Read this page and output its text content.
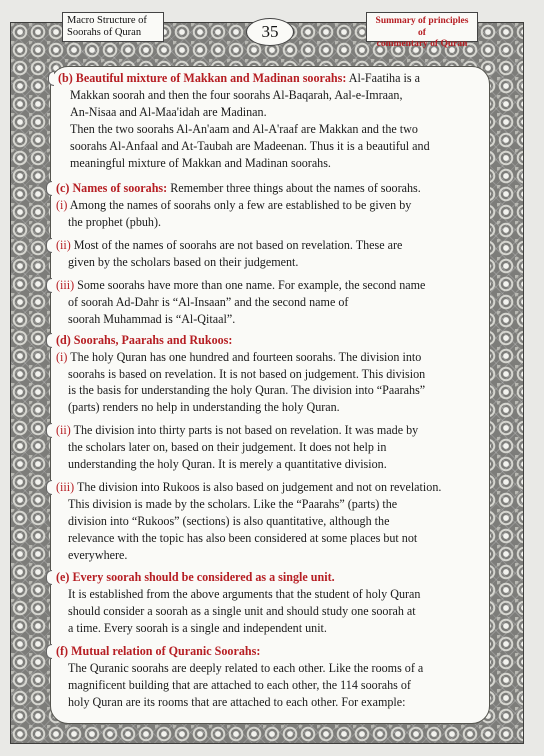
Macro Structure of
Soorahs of Quran	35
Summary of principles of
commentary of Quran
(b) Beautiful mixture of Makkan and Madinan soorahs: Al-Faatiha is a
Makkan soorah and then the four soorahs Al-Baqarah, Aal-e-Imraan,
An-Nisaa and Al-Maa'idah are Madinan.
Then the two soorahs Al-An'aam and Al-A'raaf are Makkan and the two
soorahs Al-Anfaal and At-Taubah are Madeenan. Thus it is a beautiful and
meaningful mixture of Makkan and Madinan soorahs.
(c) Names of soorahs: Remember three things about the names of soorahs.
(i) Among the names of soorahs only a few are established to be given by
the prophet (pbuh).
(ii) Most of the names of soorahs are not based on revelation. These are
given by the scholars based on their judgement.
(iii) Some soorahs have more than one name. For example, the second name
of soorah Ad-Dahr is “Al-Insaan” and the second name of
soorah Muhammad is “Al-Qitaal”.
(d) Soorahs, Paarahs and Rukoos:
(i) The holy Quran has one hundred and fourteen soorahs. The division into
soorahs is based on revelation. It is not based on judgement. This division
is the basis for understanding the holy Quran. The division into “Paarahs”
(parts) renders no help in understanding the holy Quran.
(ii) The division into thirty parts is not based on revelation. It was made by
the scholars later on, based on their judgement. It does not help in
understanding the holy Quran. It is merely a quantitative division.
(iii) The division into Rukoos is also based on judgement and not on revelation.
This division is made by the scholars. Like the “Paarahs” (parts) the
division into “Rukoos” (sections) is also quantitative, although the
relevance with the topic has also been considered at some places but not
everywhere.
(e) Every soorah should be considered as a single unit.
It is established from the above arguments that the student of holy Quran
should consider a soorah as a single unit and should study one soorah at
a time. Every soorah is a single and independent unit.
(f) Mutual relation of Quranic Soorahs:
The Quranic soorahs are deeply related to each other. Like the rooms of a
magnificent building that are attached to each other, the 114 soorahs of
holy Quran are its rooms that are attached to each other. For example:
